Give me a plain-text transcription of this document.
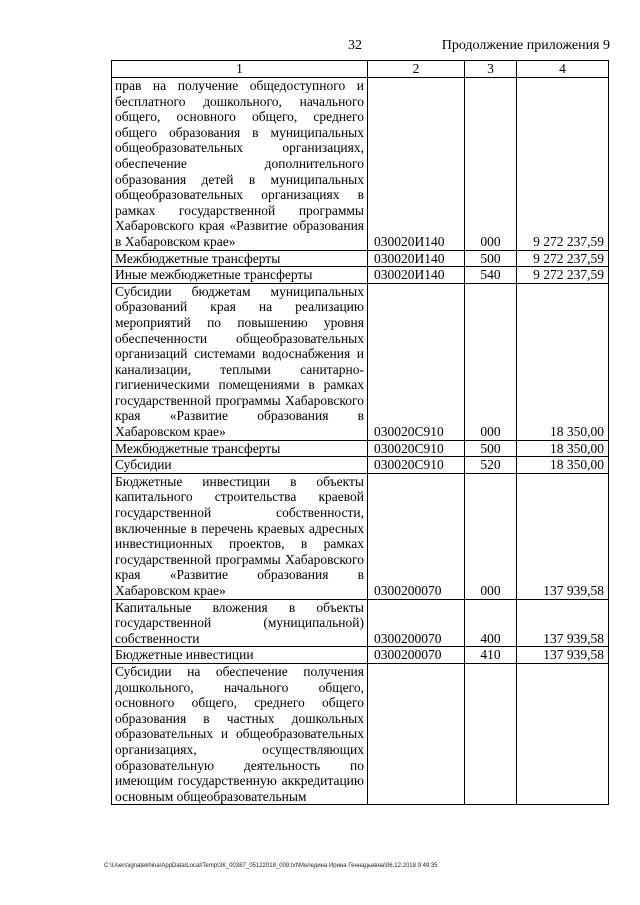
32	Продолжение приложения 9
1	2	3	4
прав на получение общедоступного и бесплатного дошкольного, начального общего, основного общего, среднего общего образования в муниципальных общеобразовательных организациях, обеспечение дополнительного образования детей в муниципальных общеобразовательных организациях в рамках государственной программы Хабаровского края «Развитие образования в Хабаровском крае»	030020И140	000	9 272 237,59
Межбюджетные трансферты	030020И140	500	9 272 237,59
Иные межбюджетные трансферты	030020И140	540	9 272 237,59
Субсидии бюджетам муниципальных образований края на реализацию мероприятий по повышению уровня обеспеченности общеобразовательных организаций системами водоснабжения и канализации, теплыми санитарно-гигиеническими помещениями в рамках государственной программы Хабаровского края «Развитие образования в Хабаровском крае»	030020С910	000	18 350,00
Межбюджетные трансферты	030020С910	500	18 350,00
Субсидии	030020С910	520	18 350,00
Бюджетные инвестиции в объекты капитального строительства краевой государственной собственности, включенные в перечень краевых адресных инвестиционных проектов, в рамках государственной программы Хабаровского края «Развитие образования в Хабаровском крае»	0300200070	000	137 939,58
Капитальные вложения в объекты государственной (муниципальной) собственности	0300200070	400	137 939,58
Бюджетные инвестиции	0300200070	410	137 939,58
Субсидии на обеспечение получения дошкольного, начального общего, основного общего, среднего общего образования в частных дошкольных образовательных и общеобразовательных организациях, осуществляющих образовательную деятельность по имеющим государственную аккредитацию основным общеобразовательным			
C:\Users\ignatekhina\AppData\Local\Temp\ЗК_00387_05122018_009.txt\Меледина Ирина Геннадьевна\06.12.2018 9:49:35
